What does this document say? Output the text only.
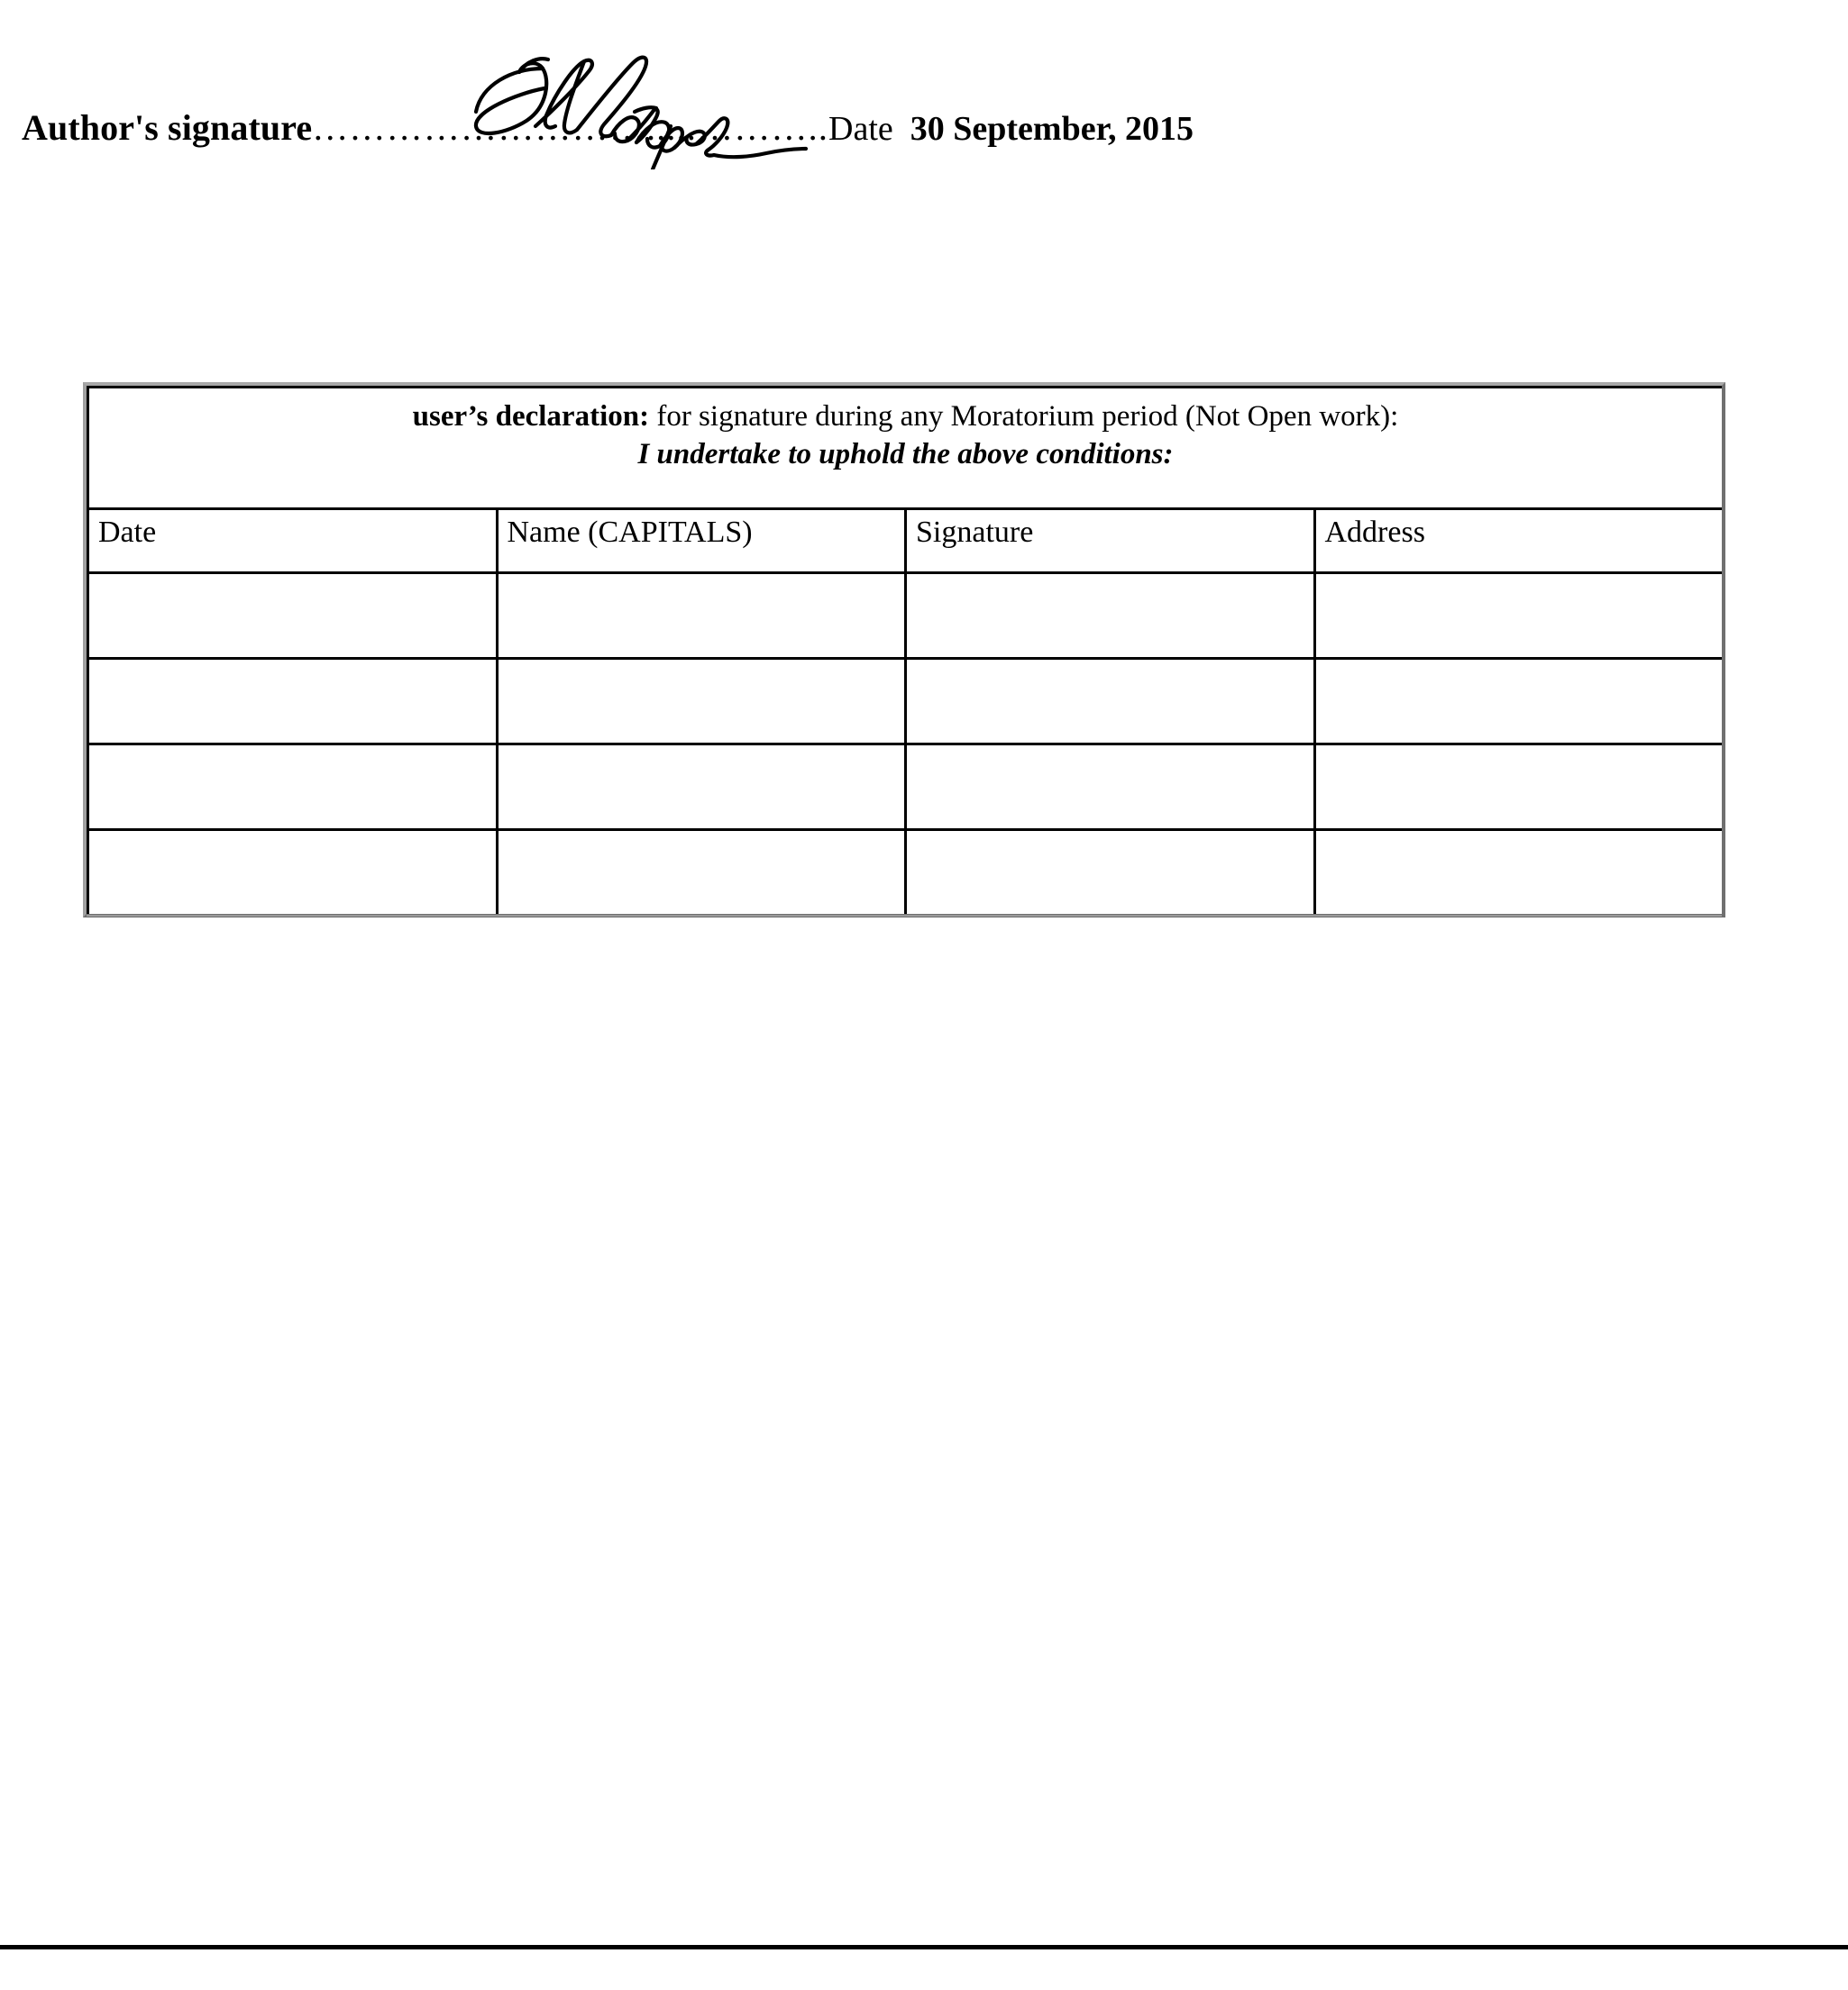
Author's signature……………………….....………..Date  30 September, 2015
user’s declaration: for signature during any Moratorium period (Not Open work):
I undertake to uphold the above conditions:			

Date	Name (CAPITALS)	Signature	Address
